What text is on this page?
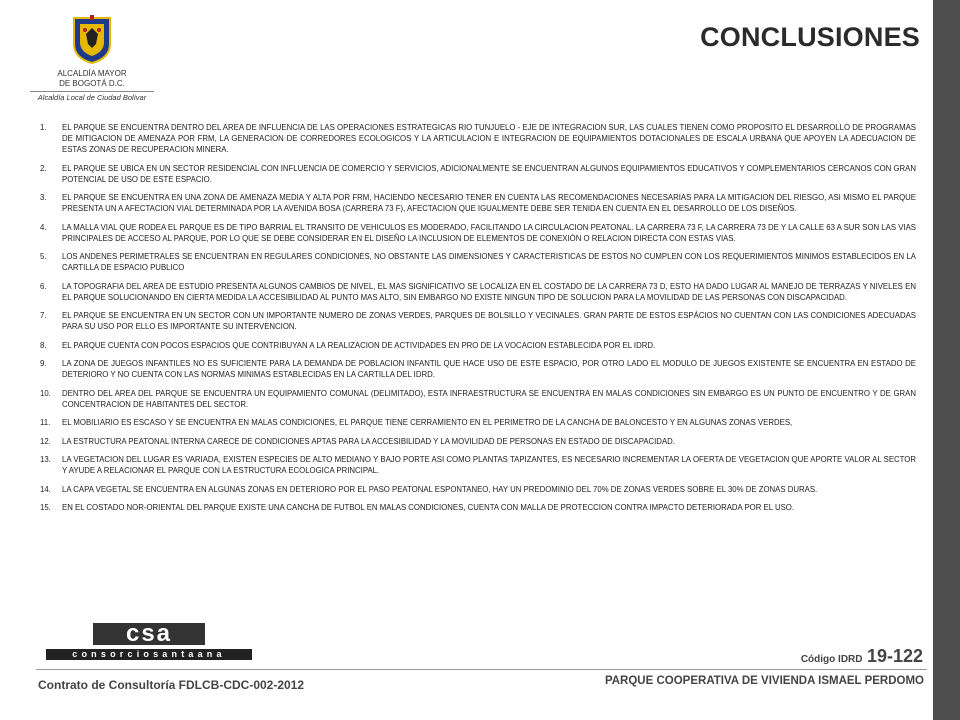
ALCALDÍA MAYOR
DE BOGOTÁ D.C.
Alcaldía Local de Ciudad Bolívar
CONCLUSIONES
1.	EL PARQUE SE ENCUENTRA DENTRO DEL AREA DE INFLUENCIA DE LAS OPERACIONES ESTRATEGICAS RIO TUNJUELO - EJE DE INTEGRACION SUR, LAS CUALES TIENEN COMO PROPOSITO EL DESARROLLO DE PROGRAMAS DE MITIGACION DE AMENAZA POR FRM, LA GENERACION DE CORREDORES ECOLOGICOS Y LA ARTICULACION E INTEGRACION DE EQUIPAMIENTOS DOTACIONALES DE ESCALA URBANA QUE APOYEN LA ADECUACION DE ESTAS ZONAS DE RECUPERACION MINERA.
2.	EL PARQUE SE UBICA EN UN SECTOR RESIDENCIAL CON INFLUENCIA DE COMERCIO Y SERVICIOS, ADICIONALMENTE SE ENCUENTRAN ALGUNOS EQUIPAMIENTOS EDUCATIVOS Y COMPLEMENTARIOS CERCANOS CON GRAN POTENCIAL DE USO DE ESTE ESPACIO.
3.	EL PARQUE SE ENCUENTRA EN UNA ZONA DE AMENAZA MEDIA Y ALTA POR FRM, HACIENDO NECESARIO TENER EN CUENTA LAS RECOMENDACIONES NECESARIAS PARA LA MITIGACION DEL RIESGO, ASI MISMO EL PARQUE PRESENTA UN A AFECTACION VIAL DETERMINADA POR LA AVENIDA BOSA (CARRERA 73 F), AFECTACION QUE IGUALMENTE DEBE SER TENIDA EN CUENTA EN EL DESARROLLO DE LOS DISEÑOS.
4.	LA MALLA VIAL QUE RODEA EL PARQUE ES DE TIPO BARRIAL EL TRANSITO DE VEHICULOS ES MODERADO, FACILITANDO LA CIRCULACION PEATONAL. LA CARRERA 73 F, LA CARRERA 73 DE Y LA CALLE 63 A SUR SON LAS VIAS PRINCIPALES DE ACCESO AL PARQUE, POR LO QUE SE DEBE CONSIDERAR EN EL DISEÑO LA INCLUSION DE ELEMENTOS DE CONEXIÓN O RELACION DIRECTA CON ESTAS VIAS.
5.	LOS ANDENES PERIMETRALES SE ENCUENTRAN EN REGULARES CONDICIONES, NO OBSTANTE LAS DIMENSIONES Y CARACTERISTICAS DE ESTOS NO CUMPLEN CON LOS REQUERIMIENTOS MINIMOS ESTABLECIDOS EN LA CARTILLA DE ESPACIO PUBLICO
6.	LA TOPOGRAFIA DEL AREA DE ESTUDIO PRESENTA ALGUNOS CAMBIOS DE NIVEL, EL MAS SIGNIFICATIVO SE LOCALIZA EN EL COSTADO DE LA CARRERA 73 D, ESTO HA DADO LUGAR AL MANEJO DE TERRAZAS Y NIVELES EN EL PARQUE SOLUCIONANDO EN CIERTA MEDIDA LA ACCESIBILIDAD AL PUNTO MAS ALTO, SIN EMBARGO NO EXISTE NINGUN TIPO DE SOLUCION PARA LA MOVILIDAD DE LAS PERSONAS CON DISCAPACIDAD.
7.	EL PARQUE SE ENCUENTRA EN UN SECTOR CON UN IMPORTANTE NUMERO DE ZONAS VERDES, PARQUES DE BOLSILLO Y VECINALES. GRAN PARTE DE ESTOS ESPÁCIOS NO CUENTAN CON LAS CONDICIONES ADECUADAS PARA SU USO POR ELLO ES IMPORTANTE SU INTERVENCION.
8.	EL PARQUE CUENTA CON POCOS ESPACIOS QUE CONTRIBUYAN A LA REALIZACION DE ACTIVIDADES EN PRO DE LA VOCACION ESTABLECIDA POR EL IDRD.
9.	LA ZONA DE JUEGOS INFANTILES NO ES SUFICIENTE PARA LA DEMANDA DE POBLACION INFANTIL QUE HACE USO DE ESTE ESPACIO, POR OTRO LADO EL MODULO DE JUEGOS EXISTENTE SE ENCUENTRA EN ESTADO DE DETERIORO Y NO CUENTA CON LAS NORMAS MINIMAS ESTABLECIDAS EN LA CARTILLA DEL IDRD.
10.	DENTRO DEL AREA DEL PARQUE SE ENCUENTRA UN EQUIPAMIENTO COMUNAL (DELIMITADO), ESTA INFRAESTRUCTURA SE ENCUENTRA EN MALAS CONDICIONES SIN EMBARGO ES UN PUNTO DE ENCUENTRO Y DE GRAN CONCENTRACION DE HABITANTES DEL SECTOR.
11.	EL MOBILIARIO ES ESCASO Y SE ENCUENTRA EN MALAS CONDICIONES, EL PARQUE TIENE CERRAMIENTO EN EL PERIMETRO DE LA CANCHA DE BALONCESTO Y EN ALGUNAS ZONAS VERDES,
12.	LA ESTRUCTURA PEATONAL INTERNA CARECE DE CONDICIONES APTAS PARA LA ACCESIBILIDAD Y LA MOVILIDAD DE PERSONAS EN ESTADO DE DISCAPACIDAD.
13.	LA VEGETACION DEL LUGAR ES VARIADA, EXISTEN ESPECIES DE ALTO MEDIANO Y BAJO PORTE ASI COMO PLANTAS TAPIZANTES, ES NECESARIO INCREMENTAR LA OFERTA DE VEGETACION QUE APORTE VALOR AL SECTOR Y AYUDE A RELACIONAR EL PARQUE CON LA ESTRUCTURA ECOLOGICA PRINCIPAL.
14.	LA CAPA VEGETAL SE ENCUENTRA EN ALGUNAS ZONAS EN DETERIORO POR EL PASO PEATONAL ESPONTANEO, HAY UN PREDOMINIO DEL 70% DE ZONAS VERDES SOBRE EL 30% DE ZONAS DURAS.
15.	EN EL COSTADO NOR-ORIENTAL DEL PARQUE EXISTE UNA CANCHA DE FUTBOL EN MALAS CONDICIONES, CUENTA CON MALLA DE PROTECCION CONTRA IMPACTO DETERIORADA POR EL USO.
csa
consorciosantaana	Código IDRD 19-122
Contrato de Consultoría FDLCB-CDC-002-2012	PARQUE COOPERATIVA DE VIVIENDA ISMAEL PERDOMO
